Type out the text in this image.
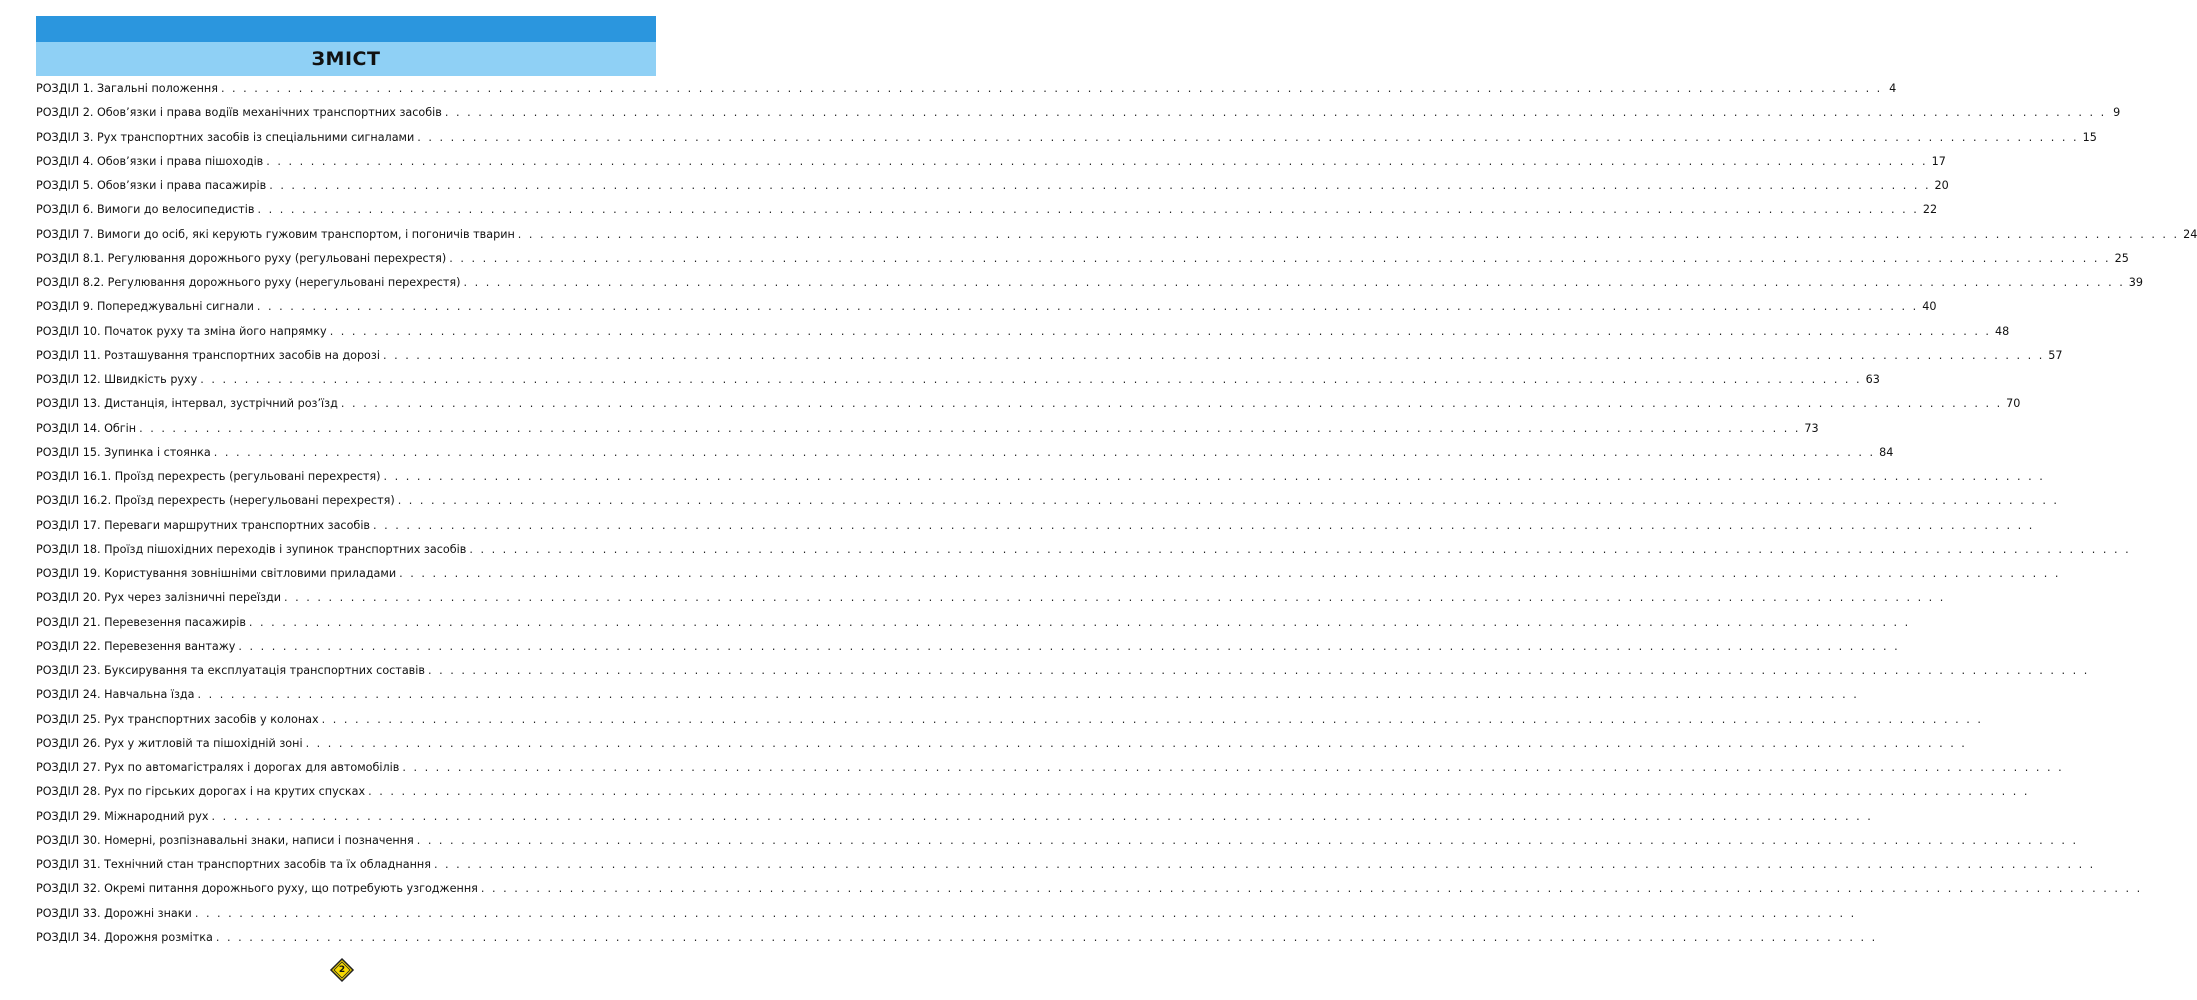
ЗМІСТ
РОЗДІЛ 1. Загальні положення . . . . . . . . . . . . . . . . . . . . . . . . . . . . . . . . . . . . . . . . . . . . . . . . . . . . . . . . . . . . . . . . . . . . . . . . . . . . . . . . . . . . . . . . . . . . . . . . . . . . . . . . . . . . . . . . . . . . . . . . . . . . . . . . . . . . . . . . . . . . . . . . . . . . . . 4
РОЗДІЛ 2. Обов’язки і права водіїв механічних транспортних засобів . . . . . . . . . . . . . . . . . . . . . . . . . . . . . . . . . . . . . . . . . . . . . . . . . . . . . . . . . . . . . . . . . . . . . . . . . . . . . . . . . . . . . . . . . . . . . . . . . . . . . . . . . . . . . . . . . . . . . . . . . . . . . . . . . . . . . . . . . . . . . . . . . . . . . . 9
РОЗДІЛ 3. Рух транспортних засобів із спеціальними сигналами . . . . . . . . . . . . . . . . . . . . . . . . . . . . . . . . . . . . . . . . . . . . . . . . . . . . . . . . . . . . . . . . . . . . . . . . . . . . . . . . . . . . . . . . . . . . . . . . . . . . . . . . . . . . . . . . . . . . . . . . . . . . . . . . . . . . . . . . . . . . . . . . . . . . . . 15
РОЗДІЛ 4. Обов’язки і права пішоходів . . . . . . . . . . . . . . . . . . . . . . . . . . . . . . . . . . . . . . . . . . . . . . . . . . . . . . . . . . . . . . . . . . . . . . . . . . . . . . . . . . . . . . . . . . . . . . . . . . . . . . . . . . . . . . . . . . . . . . . . . . . . . . . . . . . . . . . . . . . . . . . . . . . . . . 17
РОЗДІЛ 5. Обов’язки і права пасажирів . . . . . . . . . . . . . . . . . . . . . . . . . . . . . . . . . . . . . . . . . . . . . . . . . . . . . . . . . . . . . . . . . . . . . . . . . . . . . . . . . . . . . . . . . . . . . . . . . . . . . . . . . . . . . . . . . . . . . . . . . . . . . . . . . . . . . . . . . . . . . . . . . . . . . . 20
РОЗДІЛ 6. Вимоги до велосипедистів . . . . . . . . . . . . . . . . . . . . . . . . . . . . . . . . . . . . . . . . . . . . . . . . . . . . . . . . . . . . . . . . . . . . . . . . . . . . . . . . . . . . . . . . . . . . . . . . . . . . . . . . . . . . . . . . . . . . . . . . . . . . . . . . . . . . . . . . . . . . . . . . . . . . . . 22
РОЗДІЛ 7. Вимоги до осіб, які керують гужовим транспортом, і погоничів тварин . . . . . . . . . . . . . . . . . . . . . . . . . . . . . . . . . . . . . . . . . . . . . . . . . . . . . . . . . . . . . . . . . . . . . . . . . . . . . . . . . . . . . . . . . . . . . . . . . . . . . . . . . . . . . . . . . . . . . . . . . . . . . . . . . . . . . . . . . . . . . . . . . . . . . . 24
РОЗДІЛ 8.1. Регулювання дорожнього руху (регульовані перехрестя) . . . . . . . . . . . . . . . . . . . . . . . . . . . . . . . . . . . . . . . . . . . . . . . . . . . . . . . . . . . . . . . . . . . . . . . . . . . . . . . . . . . . . . . . . . . . . . . . . . . . . . . . . . . . . . . . . . . . . . . . . . . . . . . . . . . . . . . . . . . . . . . . . . . . . . 25
РОЗДІЛ 8.2. Регулювання дорожнього руху (нерегульовані перехрестя) . . . . . . . . . . . . . . . . . . . . . . . . . . . . . . . . . . . . . . . . . . . . . . . . . . . . . . . . . . . . . . . . . . . . . . . . . . . . . . . . . . . . . . . . . . . . . . . . . . . . . . . . . . . . . . . . . . . . . . . . . . . . . . . . . . . . . . . . . . . . . . . . . . . . . . 39
РОЗДІЛ 9. Попереджувальні сигнали . . . . . . . . . . . . . . . . . . . . . . . . . . . . . . . . . . . . . . . . . . . . . . . . . . . . . . . . . . . . . . . . . . . . . . . . . . . . . . . . . . . . . . . . . . . . . . . . . . . . . . . . . . . . . . . . . . . . . . . . . . . . . . . . . . . . . . . . . . . . . . . . . . . . . . 40
РОЗДІЛ 10. Початок руху та зміна його напрямку . . . . . . . . . . . . . . . . . . . . . . . . . . . . . . . . . . . . . . . . . . . . . . . . . . . . . . . . . . . . . . . . . . . . . . . . . . . . . . . . . . . . . . . . . . . . . . . . . . . . . . . . . . . . . . . . . . . . . . . . . . . . . . . . . . . . . . . . . . . . . . . . . . . . . . 48
РОЗДІЛ 11. Розташування транспортних засобів на дорозі . . . . . . . . . . . . . . . . . . . . . . . . . . . . . . . . . . . . . . . . . . . . . . . . . . . . . . . . . . . . . . . . . . . . . . . . . . . . . . . . . . . . . . . . . . . . . . . . . . . . . . . . . . . . . . . . . . . . . . . . . . . . . . . . . . . . . . . . . . . . . . . . . . . . . . 57
РОЗДІЛ 12. Швидкість руху . . . . . . . . . . . . . . . . . . . . . . . . . . . . . . . . . . . . . . . . . . . . . . . . . . . . . . . . . . . . . . . . . . . . . . . . . . . . . . . . . . . . . . . . . . . . . . . . . . . . . . . . . . . . . . . . . . . . . . . . . . . . . . . . . . . . . . . . . . . . . . . . . . . . . . 63
РОЗДІЛ 13. Дистанція, інтервал, зустрічний роз’їзд . . . . . . . . . . . . . . . . . . . . . . . . . . . . . . . . . . . . . . . . . . . . . . . . . . . . . . . . . . . . . . . . . . . . . . . . . . . . . . . . . . . . . . . . . . . . . . . . . . . . . . . . . . . . . . . . . . . . . . . . . . . . . . . . . . . . . . . . . . . . . . . . . . . . . . 70
РОЗДІЛ 14. Обгін . . . . . . . . . . . . . . . . . . . . . . . . . . . . . . . . . . . . . . . . . . . . . . . . . . . . . . . . . . . . . . . . . . . . . . . . . . . . . . . . . . . . . . . . . . . . . . . . . . . . . . . . . . . . . . . . . . . . . . . . . . . . . . . . . . . . . . . . . . . . . . . . . . . . . . 73
РОЗДІЛ 15. Зупинка і стоянка . . . . . . . . . . . . . . . . . . . . . . . . . . . . . . . . . . . . . . . . . . . . . . . . . . . . . . . . . . . . . . . . . . . . . . . . . . . . . . . . . . . . . . . . . . . . . . . . . . . . . . . . . . . . . . . . . . . . . . . . . . . . . . . . . . . . . . . . . . . . . . . . . . . . . . 84
РОЗДІЛ 16.1. Проїзд перехресть (регульовані перехрестя) . . . . . . . . . . . . . . . . . . . . . . . . . . . . . . . . . . . . . . . . . . . . . . . . . . . . . . . . . . . . . . . . . . . . . . . . . . . . . . . . . . . . . . . . . . . . . . . . . . . . . . . . . . . . . . . . . . . . . . . . . . . . . . . . . . . . . . . . . . . . . . . . . . . . . .
РОЗДІЛ 16.2. Проїзд перехресть (нерегульовані перехрестя) . . . . . . . . . . . . . . . . . . . . . . . . . . . . . . . . . . . . . . . . . . . . . . . . . . . . . . . . . . . . . . . . . . . . . . . . . . . . . . . . . . . . . . . . . . . . . . . . . . . . . . . . . . . . . . . . . . . . . . . . . . . . . . . . . . . . . . . . . . . . . . . . . . . . . .
РОЗДІЛ 17. Переваги маршрутних транспортних засобів . . . . . . . . . . . . . . . . . . . . . . . . . . . . . . . . . . . . . . . . . . . . . . . . . . . . . . . . . . . . . . . . . . . . . . . . . . . . . . . . . . . . . . . . . . . . . . . . . . . . . . . . . . . . . . . . . . . . . . . . . . . . . . . . . . . . . . . . . . . . . . . . . . . . . .
РОЗДІЛ 18. Проїзд пішохідних переходів і зупинок транспортних засобів . . . . . . . . . . . . . . . . . . . . . . . . . . . . . . . . . . . . . . . . . . . . . . . . . . . . . . . . . . . . . . . . . . . . . . . . . . . . . . . . . . . . . . . . . . . . . . . . . . . . . . . . . . . . . . . . . . . . . . . . . . . . . . . . . . . . . . . . . . . . . . . . . . . . . .
РОЗДІЛ 19. Користування зовнішніми світловими приладами . . . . . . . . . . . . . . . . . . . . . . . . . . . . . . . . . . . . . . . . . . . . . . . . . . . . . . . . . . . . . . . . . . . . . . . . . . . . . . . . . . . . . . . . . . . . . . . . . . . . . . . . . . . . . . . . . . . . . . . . . . . . . . . . . . . . . . . . . . . . . . . . . . . . . .
РОЗДІЛ 20. Рух через залізничні переїзди . . . . . . . . . . . . . . . . . . . . . . . . . . . . . . . . . . . . . . . . . . . . . . . . . . . . . . . . . . . . . . . . . . . . . . . . . . . . . . . . . . . . . . . . . . . . . . . . . . . . . . . . . . . . . . . . . . . . . . . . . . . . . . . . . . . . . . . . . . . . . . . . . . . . . .
РОЗДІЛ 21. Перевезення пасажирів . . . . . . . . . . . . . . . . . . . . . . . . . . . . . . . . . . . . . . . . . . . . . . . . . . . . . . . . . . . . . . . . . . . . . . . . . . . . . . . . . . . . . . . . . . . . . . . . . . . . . . . . . . . . . . . . . . . . . . . . . . . . . . . . . . . . . . . . . . . . . . . . . . . . . .
РОЗДІЛ 22. Перевезення вантажу . . . . . . . . . . . . . . . . . . . . . . . . . . . . . . . . . . . . . . . . . . . . . . . . . . . . . . . . . . . . . . . . . . . . . . . . . . . . . . . . . . . . . . . . . . . . . . . . . . . . . . . . . . . . . . . . . . . . . . . . . . . . . . . . . . . . . . . . . . . . . . . . . . . . . .
РОЗДІЛ 23. Буксирування та експлуатація транспортних составів . . . . . . . . . . . . . . . . . . . . . . . . . . . . . . . . . . . . . . . . . . . . . . . . . . . . . . . . . . . . . . . . . . . . . . . . . . . . . . . . . . . . . . . . . . . . . . . . . . . . . . . . . . . . . . . . . . . . . . . . . . . . . . . . . . . . . . . . . . . . . . . . . . . . . .
РОЗДІЛ 24. Навчальна їзда . . . . . . . . . . . . . . . . . . . . . . . . . . . . . . . . . . . . . . . . . . . . . . . . . . . . . . . . . . . . . . . . . . . . . . . . . . . . . . . . . . . . . . . . . . . . . . . . . . . . . . . . . . . . . . . . . . . . . . . . . . . . . . . . . . . . . . . . . . . . . . . . . . . . . .
РОЗДІЛ 25. Рух транспортних засобів у колонах . . . . . . . . . . . . . . . . . . . . . . . . . . . . . . . . . . . . . . . . . . . . . . . . . . . . . . . . . . . . . . . . . . . . . . . . . . . . . . . . . . . . . . . . . . . . . . . . . . . . . . . . . . . . . . . . . . . . . . . . . . . . . . . . . . . . . . . . . . . . . . . . . . . . . .
РОЗДІЛ 26. Рух у житловій та пішохідній зоні . . . . . . . . . . . . . . . . . . . . . . . . . . . . . . . . . . . . . . . . . . . . . . . . . . . . . . . . . . . . . . . . . . . . . . . . . . . . . . . . . . . . . . . . . . . . . . . . . . . . . . . . . . . . . . . . . . . . . . . . . . . . . . . . . . . . . . . . . . . . . . . . . . . . . .
РОЗДІЛ 27. Рух по автомагістралях і дорогах для автомобілів . . . . . . . . . . . . . . . . . . . . . . . . . . . . . . . . . . . . . . . . . . . . . . . . . . . . . . . . . . . . . . . . . . . . . . . . . . . . . . . . . . . . . . . . . . . . . . . . . . . . . . . . . . . . . . . . . . . . . . . . . . . . . . . . . . . . . . . . . . . . . . . . . . . . . .
РОЗДІЛ 28. Рух по гірських дорогах і на крутих спусках . . . . . . . . . . . . . . . . . . . . . . . . . . . . . . . . . . . . . . . . . . . . . . . . . . . . . . . . . . . . . . . . . . . . . . . . . . . . . . . . . . . . . . . . . . . . . . . . . . . . . . . . . . . . . . . . . . . . . . . . . . . . . . . . . . . . . . . . . . . . . . . . . . . . . .
РОЗДІЛ 29. Міжнародний рух . . . . . . . . . . . . . . . . . . . . . . . . . . . . . . . . . . . . . . . . . . . . . . . . . . . . . . . . . . . . . . . . . . . . . . . . . . . . . . . . . . . . . . . . . . . . . . . . . . . . . . . . . . . . . . . . . . . . . . . . . . . . . . . . . . . . . . . . . . . . . . . . . . . . . .
РОЗДІЛ 30. Номерні, розпізнавальні знаки, написи і позначення . . . . . . . . . . . . . . . . . . . . . . . . . . . . . . . . . . . . . . . . . . . . . . . . . . . . . . . . . . . . . . . . . . . . . . . . . . . . . . . . . . . . . . . . . . . . . . . . . . . . . . . . . . . . . . . . . . . . . . . . . . . . . . . . . . . . . . . . . . . . . . . . . . . . . .
РОЗДІЛ 31. Технічний стан транспортних засобів та їх обладнання . . . . . . . . . . . . . . . . . . . . . . . . . . . . . . . . . . . . . . . . . . . . . . . . . . . . . . . . . . . . . . . . . . . . . . . . . . . . . . . . . . . . . . . . . . . . . . . . . . . . . . . . . . . . . . . . . . . . . . . . . . . . . . . . . . . . . . . . . . . . . . . . . . . . . .
РОЗДІЛ 32. Окремі питання дорожнього руху, що потребують узгодження . . . . . . . . . . . . . . . . . . . . . . . . . . . . . . . . . . . . . . . . . . . . . . . . . . . . . . . . . . . . . . . . . . . . . . . . . . . . . . . . . . . . . . . . . . . . . . . . . . . . . . . . . . . . . . . . . . . . . . . . . . . . . . . . . . . . . . . . . . . . . . . . . . . . . .
РОЗДІЛ 33. Дорожні знаки . . . . . . . . . . . . . . . . . . . . . . . . . . . . . . . . . . . . . . . . . . . . . . . . . . . . . . . . . . . . . . . . . . . . . . . . . . . . . . . . . . . . . . . . . . . . . . . . . . . . . . . . . . . . . . . . . . . . . . . . . . . . . . . . . . . . . . . . . . . . . . . . . . . . . .
РОЗДІЛ 34. Дорожня розмітка . . . . . . . . . . . . . . . . . . . . . . . . . . . . . . . . . . . . . . . . . . . . . . . . . . . . . . . . . . . . . . . . . . . . . . . . . . . . . . . . . . . . . . . . . . . . . . . . . . . . . . . . . . . . . . . . . . . . . . . . . . . . . . . . . . . . . . . . . . . . . . . . . . . . . .
2
